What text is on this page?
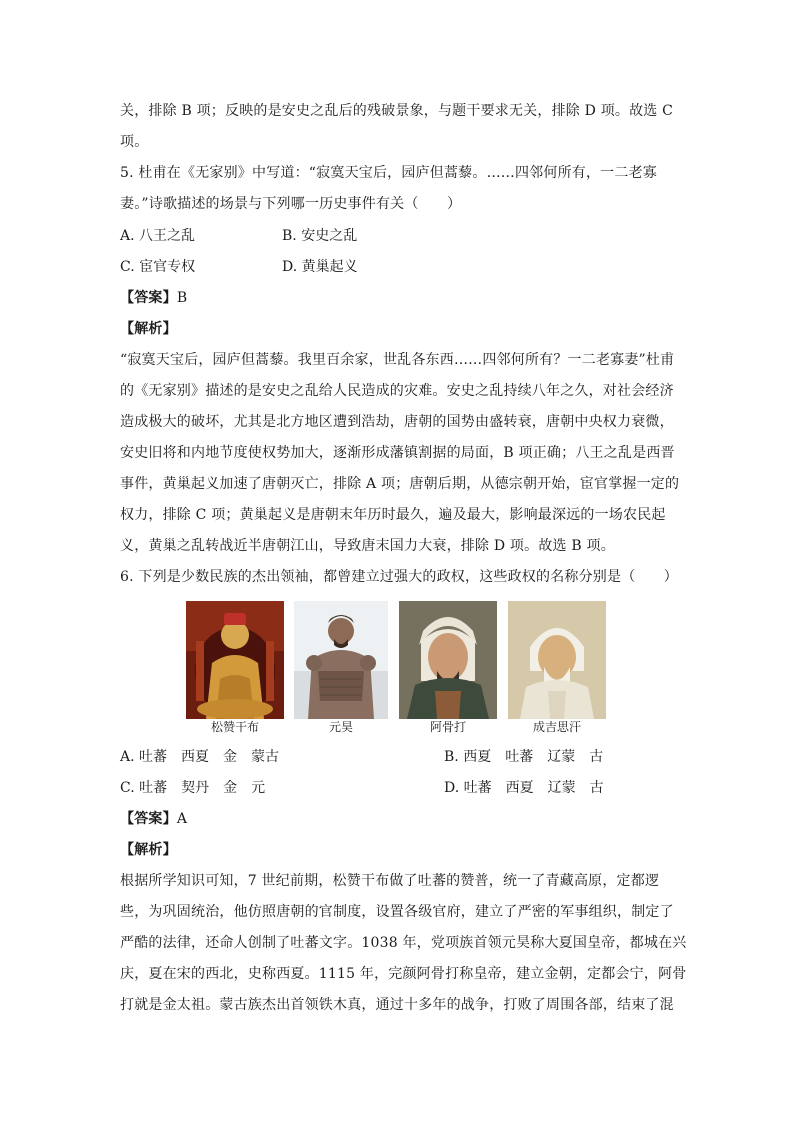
关，排除 B 项；反映的是安史之乱后的残破景象，与题干要求无关，排除 D 项。故选 C
项。
5. 杜甫在《无家别》中写道：“寂寞天宝后，园庐但蒿藜。……四邻何所有，一二老寡
妻。”诗歌描述的场景与下列哪一历史事件有关（　　）
A. 八王之乱	B. 安史之乱
C. 宦官专权	D. 黄巢起义
【答案】B
【解析】
“寂寞天宝后，园庐但蒿藜。我里百余家，世乱各东西……四邻何所有？一二老寡妻”杜甫
的《无家别》描述的是安史之乱给人民造成的灾难。安史之乱持续八年之久，对社会经济
造成极大的破坏，尤其是北方地区遭到浩劫，唐朝的国势由盛转衰，唐朝中央权力衰微，
安史旧将和内地节度使权势加大，逐渐形成藩镇割据的局面，B 项正确；八王之乱是西晋
事件，黄巢起义加速了唐朝灭亡，排除 A 项；唐朝后期，从德宗朝开始，宦官掌握一定的
权力，排除 C 项；黄巢起义是唐朝末年历时最久，遍及最大，影响最深远的一场农民起
义，黄巢之乱转战近半唐朝江山，导致唐末国力大衰，排除 D 项。故选 B 项。
6. 下列是少数民族的杰出领袖，都曾建立过强大的政权，这些政权的名称分别是（　　）
松赞干布	元昊	阿骨打	成吉思汗
A. 吐蕃　西夏　金　蒙古	B. 西夏　吐蕃　辽蒙　古
C. 吐蕃　契丹　金　元	D. 吐蕃　西夏　辽蒙　古
【答案】A
【解析】
根据所学知识可知，7 世纪前期，松赞干布做了吐蕃的赞普，统一了青藏高原，定都逻
些，为巩固统治，他仿照唐朝的官制度，设置各级官府，建立了严密的军事组织，制定了
严酷的法律，还命人创制了吐蕃文字。1038 年，党项族首领元昊称大夏国皇帝，都城在兴
庆，夏在宋的西北，史称西夏。1115 年，完颜阿骨打称皇帝，建立金朝，定都会宁，阿骨
打就是金太祖。蒙古族杰出首领铁木真，通过十多年的战争，打败了周围各部，结束了混
